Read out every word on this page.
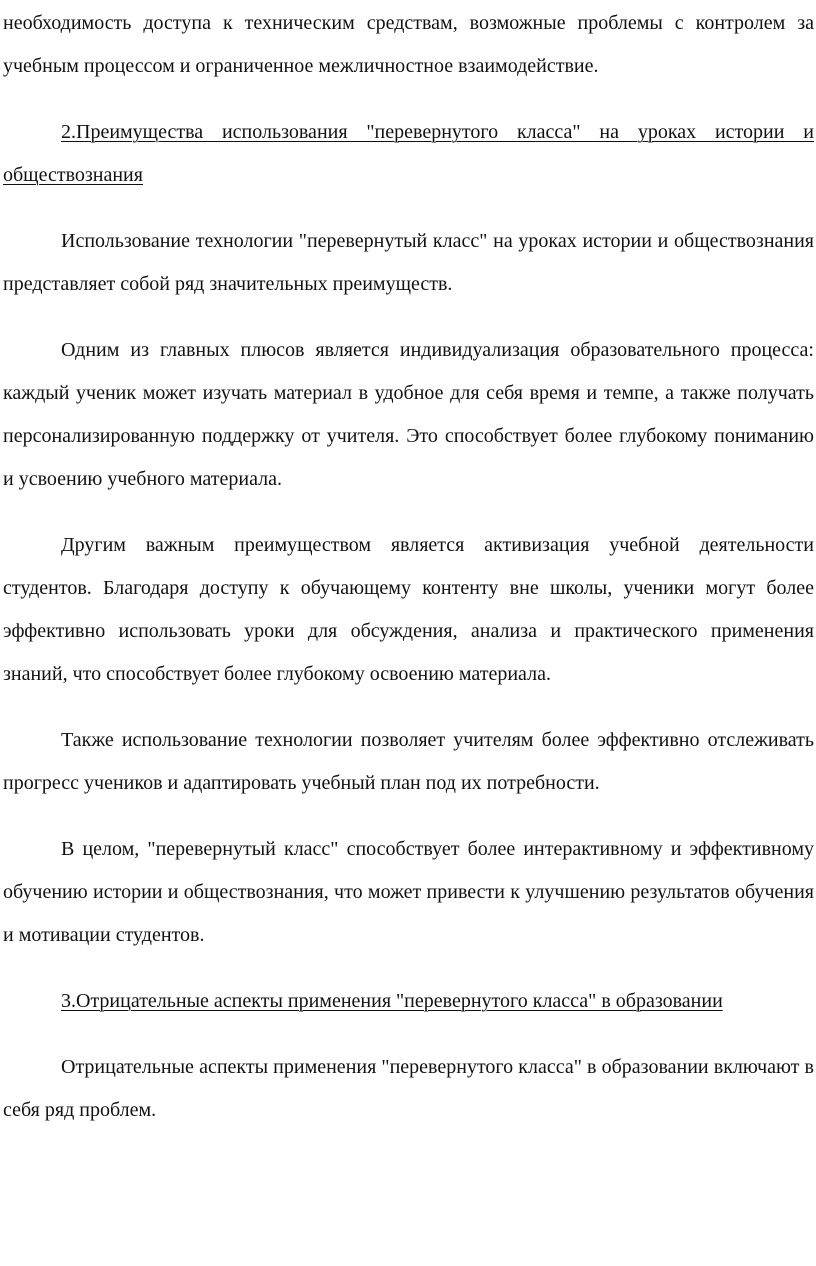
необходимость доступа к техническим средствам, возможные проблемы с контролем за учебным процессом и ограниченное межличностное взаимодействие.

2.Преимущества использования "перевернутого класса" на уроках истории и обществознания

Использование технологии "перевернутый класс" на уроках истории и обществознания представляет собой ряд значительных преимуществ.

Одним из главных плюсов является индивидуализация образовательного процесса: каждый ученик может изучать материал в удобное для себя время и темпе, а также получать персонализированную поддержку от учителя. Это способствует более глубокому пониманию и усвоению учебного материала.

Другим важным преимуществом является активизация учебной деятельности студентов. Благодаря доступу к обучающему контенту вне школы, ученики могут более эффективно использовать уроки для обсуждения, анализа и практического применения знаний, что способствует более глубокому освоению материала.

Также использование технологии позволяет учителям более эффективно отслеживать прогресс учеников и адаптировать учебный план под их потребности.

В целом, "перевернутый класс" способствует более интерактивному и эффективному обучению истории и обществознания, что может привести к улучшению результатов обучения и мотивации студентов.

3.Отрицательные аспекты применения "перевернутого класса" в образовании

Отрицательные аспекты применения "перевернутого класса" в образовании включают в себя ряд проблем.
